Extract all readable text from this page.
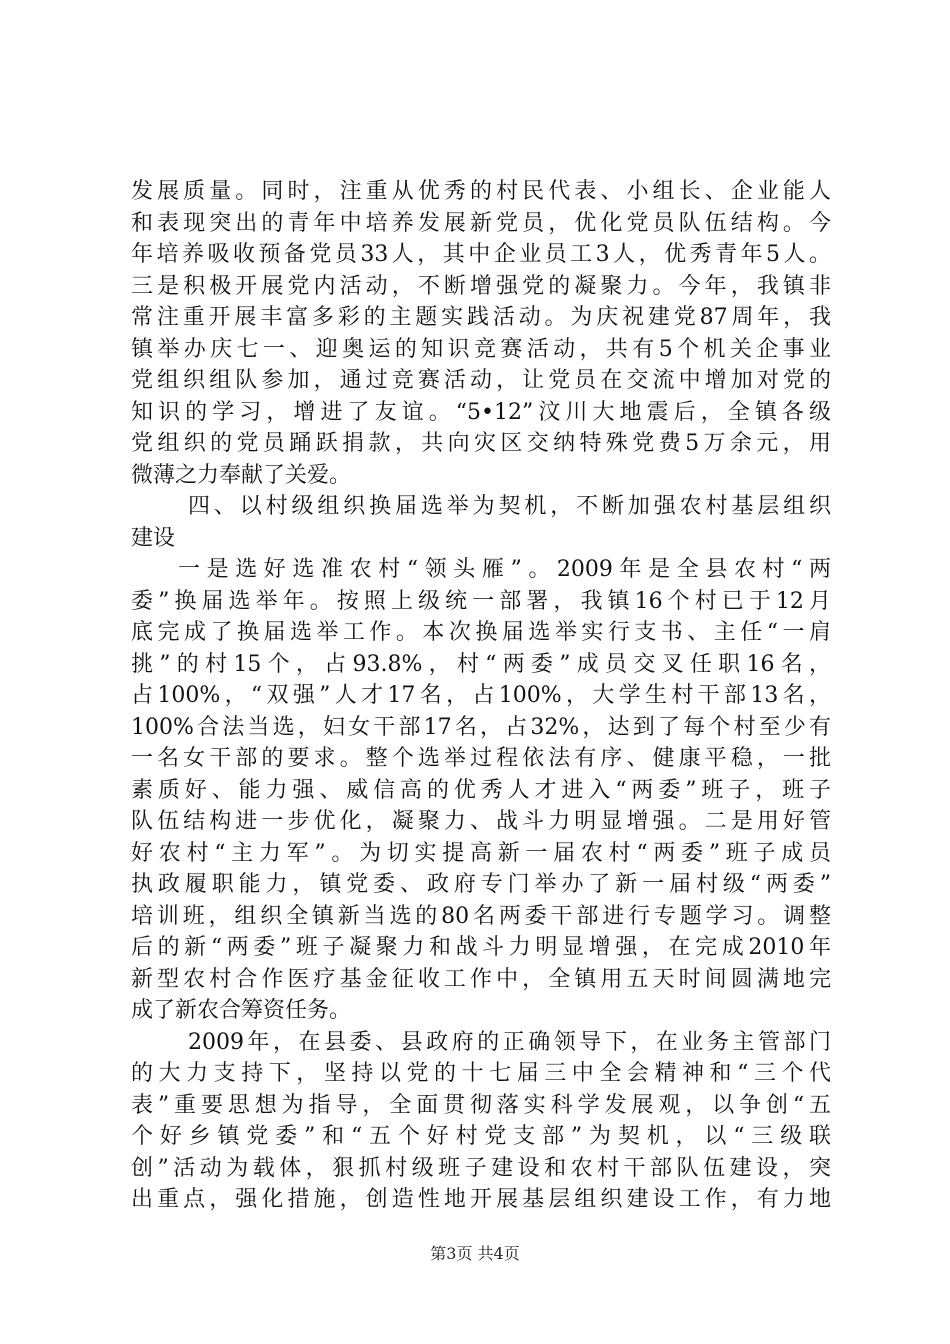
发展质量。同时，注重从优秀的村民代表、小组长、企业能人
和表现突出的青年中培养发展新党员，优化党员队伍结构。今
年培养吸收预备党员33人，其中企业员工3人，优秀青年5人。
三是积极开展党内活动，不断增强党的凝聚力。今年，我镇非
常注重开展丰富多彩的主题实践活动。为庆祝建党87周年，我
镇举办庆七一、迎奥运的知识竞赛活动，共有5个机关企事业
党组织组队参加，通过竞赛活动，让党员在交流中增加对党的
知识的学习，增进了友谊。“5•12”汶川大地震后，全镇各级
党组织的党员踊跃捐款，共向灾区交纳特殊党费5万余元，用
微薄之力奉献了关爱。
四、以村级组织换届选举为契机，不断加强农村基层组织
建设
一是选好选准农村“领头雁”。2009年是全县农村“两
委”换届选举年。按照上级统一部署，我镇16个村已于12月
底完成了换届选举工作。本次换届选举实行支书、主任“一肩
挑”的村15个，占93.8%，村“两委”成员交叉任职16名，
占100%，“双强”人才17名，占100%，大学生村干部13名，
100%合法当选，妇女干部17名，占32%，达到了每个村至少有
一名女干部的要求。整个选举过程依法有序、健康平稳，一批
素质好、能力强、威信高的优秀人才进入“两委”班子，班子
队伍结构进一步优化，凝聚力、战斗力明显增强。二是用好管
好农村“主力军”。为切实提高新一届农村“两委”班子成员
执政履职能力，镇党委、政府专门举办了新一届村级“两委”
培训班，组织全镇新当选的80名两委干部进行专题学习。调整
后的新“两委”班子凝聚力和战斗力明显增强，在完成2010年
新型农村合作医疗基金征收工作中，全镇用五天时间圆满地完
成了新农合筹资任务。
2009年，在县委、县政府的正确领导下，在业务主管部门
的大力支持下，坚持以党的十七届三中全会精神和“三个代
表”重要思想为指导，全面贯彻落实科学发展观，以争创“五
个好乡镇党委”和“五个好村党支部”为契机，以“三级联
创”活动为载体，狠抓村级班子建设和农村干部队伍建设，突
出重点，强化措施，创造性地开展基层组织建设工作，有力地
第3页 共4页
